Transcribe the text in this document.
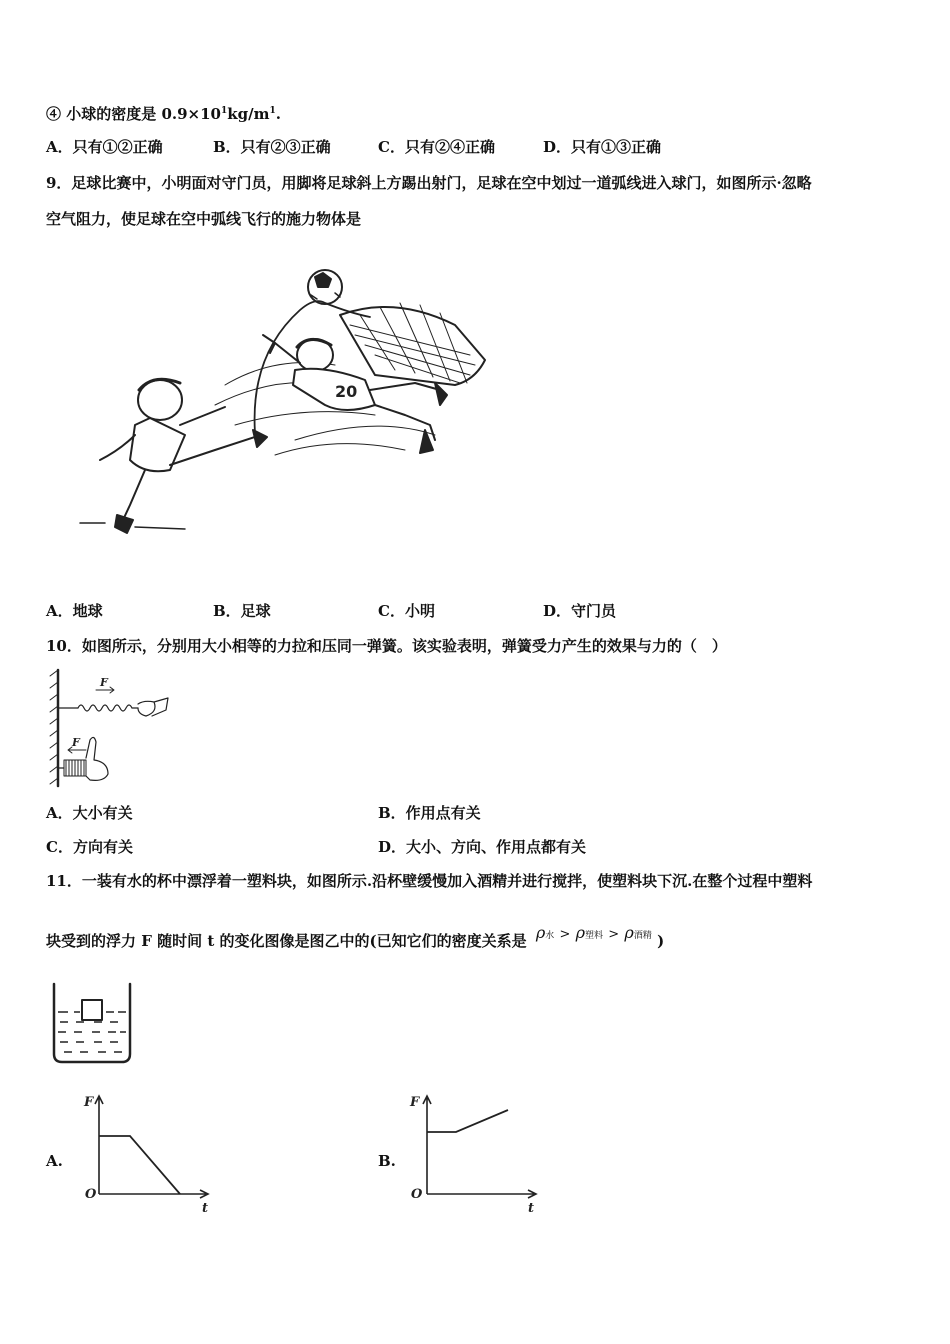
④ 小球的密度是 $0.9\times 10^1kg/m^1$.
A．只有①②正确	B．只有②③正确	C．只有②④正确	D．只有①③正确
9．足球比赛中，小明面对守门员，用脚将足球斜上方踢出射门，足球在空中划过一道弧线进入球门，如图所示·忽略
空气阻力，使足球在空中弧线飞行的施力物体是
20
A．地球	B．足球	C．小明	D．守门员
10．如图所示，分别用大小相等的力拉和压同一弹簧。该实验表明，弹簧受力产生的效果与力的（　）
F
F
A．大小有关	B．作用点有关
C．方向有关	D．大小、方向、作用点都有关
11．一装有水的杯中漂浮着一塑料块，如图所示.沿杯壁缓慢加入酒精并进行搅拌，使塑料块下沉.在整个过程中塑料
块受到的浮力 F 随时间 t 的变化图像是图乙中的(已知它们的密度关系是 ρ水 > ρ塑料 > ρ酒精 )
A.
F
O
t
B.
F
O
t
